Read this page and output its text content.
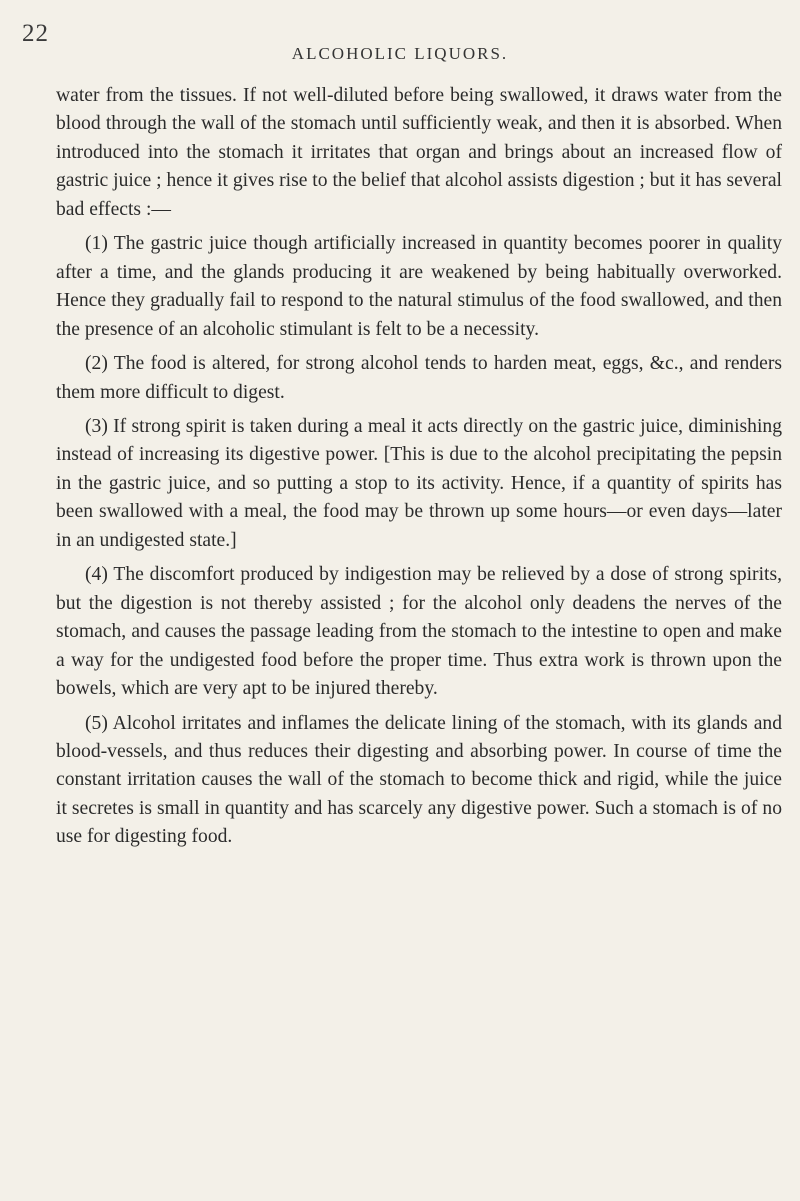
22
ALCOHOLIC LIQUORS.

water from the tissues. If not well-diluted before being swallowed, it draws water from the blood through the wall of the stomach until sufficiently weak, and then it is absorbed. When introduced into the stomach it irritates that organ and brings about an increased flow of gastric juice ; hence it gives rise to the belief that alcohol assists digestion ; but it has several bad effects :—

(1) The gastric juice though artificially increased in quantity becomes poorer in quality after a time, and the glands producing it are weakened by being habitually overworked. Hence they gradually fail to respond to the natural stimulus of the food swallowed, and then the presence of an alcoholic stimulant is felt to be a necessity.

(2) The food is altered, for strong alcohol tends to harden meat, eggs, &c., and renders them more difficult to digest.

(3) If strong spirit is taken during a meal it acts directly on the gastric juice, diminishing instead of increasing its digestive power. [This is due to the alcohol precipitating the pepsin in the gastric juice, and so putting a stop to its activity. Hence, if a quantity of spirits has been swallowed with a meal, the food may be thrown up some hours—or even days—later in an undigested state.]

(4) The discomfort produced by indigestion may be relieved by a dose of strong spirits, but the digestion is not thereby assisted ; for the alcohol only deadens the nerves of the stomach, and causes the passage leading from the stomach to the intestine to open and make a way for the undigested food before the proper time. Thus extra work is thrown upon the bowels, which are very apt to be injured thereby.

(5) Alcohol irritates and inflames the delicate lining of the stomach, with its glands and blood-vessels, and thus reduces their digesting and absorbing power. In course of time the constant irritation causes the wall of the stomach to become thick and rigid, while the juice it secretes is small in quantity and has scarcely any digestive power. Such a stomach is of no use for digesting food.
